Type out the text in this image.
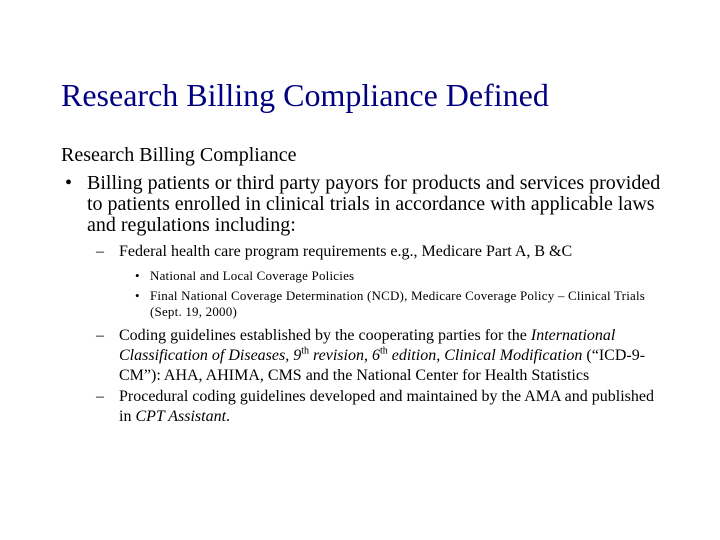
Research Billing Compliance Defined
Research Billing Compliance
• Billing patients or third party payors for products and services provided to patients enrolled in clinical trials in accordance with applicable laws and regulations including:
– Federal health care program requirements e.g., Medicare Part A, B &C
• National and Local Coverage Policies
• Final National Coverage Determination (NCD), Medicare Coverage Policy – Clinical Trials (Sept. 19, 2000)
– Coding guidelines established by the cooperating parties for the International Classification of Diseases, 9th revision, 6th edition, Clinical Modification (“ICD-9-CM”): AHA, AHIMA, CMS and the National Center for Health Statistics
– Procedural coding guidelines developed and maintained by the AMA and published in CPT Assistant.
